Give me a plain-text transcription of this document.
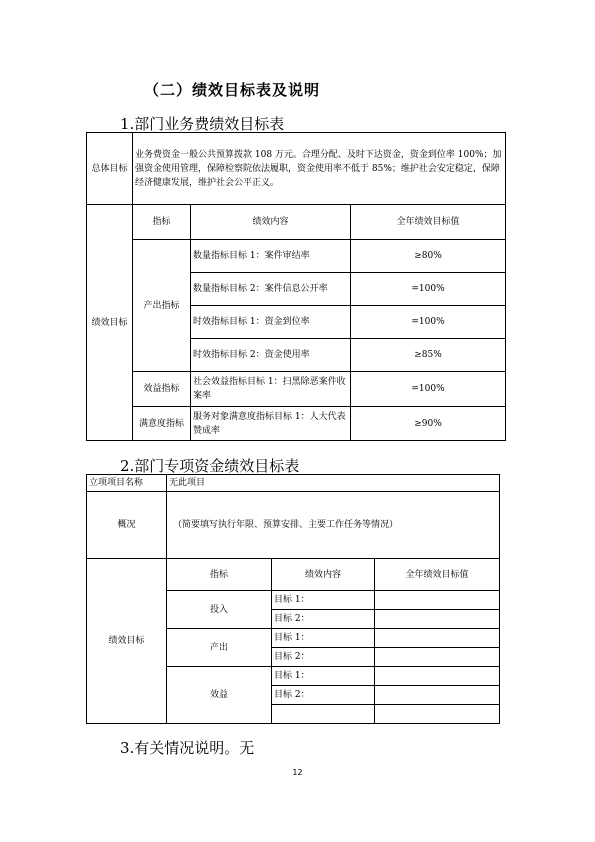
（二）绩效目标表及说明
1.部门业务费绩效目标表
总体目标	业务费资金一般公共预算拨款 108 万元。合理分配、及时下达资金，资金到位率 100%；加强资金使用管理，保障检察院依法履职，资金使用率不低于 85%；维护社会安定稳定，保障经济健康发展，维护社会公平正义。		
绩效目标	指标	绩效内容	全年绩效目标值
	产出指标	数量指标目标 1：案件审结率	≥80%
		数量指标目标 2：案件信息公开率	=100%
		时效指标目标 1：资金到位率	=100%
		时效指标目标 2：资金使用率	≥85%
	效益指标	社会效益指标目标 1：扫黑除恶案件收案率	=100%
	满意度指标	服务对象满意度指标目标 1：人大代表赞成率	≥90%
2.部门专项资金绩效目标表
立项项目名称	无此项目		
概况	（简要填写执行年限、预算安排、主要工作任务等情况）		
绩效目标	指标	绩效内容	全年绩效目标值
	投入	目标 1：	
		目标 2：	
	产出	目标 1：	
		目标 2：	
	效益	目标 1：	
		目标 2：	

3.有关情况说明。无
12
